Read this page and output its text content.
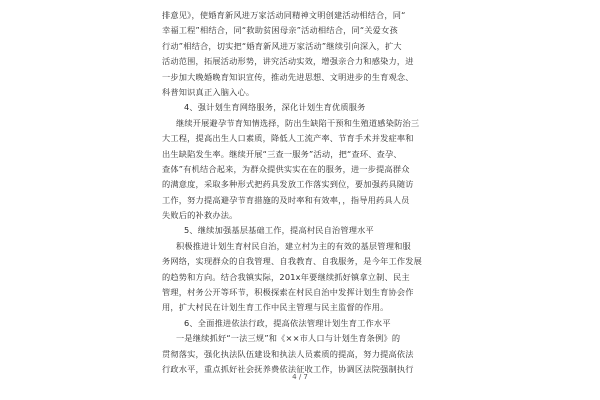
排意见》，使婚育新风进万家活动同精神文明创建活动相结合，同“
幸福工程”相结合，同“救助贫困母亲”活动相结合，同“关爱女孩
行动”相结合，切实把“婚育新风进万家活动”继续引向深入，扩大
活动范围，拓展活动形势，讲究活动实效，增强亲合力和感染力，进
一步加大晚婚晚育知识宣传，推动先进思想、文明进步的生育观念、
科普知识真正入脑入心。
4、强计划生育网络服务，深化计划生育优质服务
继续开展避孕节育知情选择，防出生缺陷干预和生殖道感染防治三
大工程，提高出生人口素质，降低人工流产率、节育手术并发症率和
出生缺陷发生率。继续开展“三查一服务”活动，把“查环、查孕、
查体”有机结合起来，为群众提供实实在在的服务，进一步提高群众
的满意度，采取多种形式把药具发放工作落实到位，要加强药具随访
工作，努力提高避孕节育措施的及时率和有效率，，指导用药具人员
失败后的补救办法。
5、继续加强基层基础工作，提高村民自治管理水平
积极推进计划生育村民自治，建立村为主的有效的基层管理和服
务网络，实现群众的自我管理、自我教育、自我服务，是今年工作发展
的趋势和方向。结合我镇实际，201x年要继续抓好镇拿立制、民主
管理，村务公开等环节，积极探索在村民自治中发挥计划生育协会作
用，扩大村民在计划生育工作中民主管理与民主监督的作用。
6、全面推进依法行政，提高依法管理计划生育工作水平
一是继续抓好“一法三规”和《××市人口与计划生育条例》的
贯彻落实，强化执法队伍建设和执法人员素质的提高，努力提高依法
行政水平，重点抓好社会抚养费依法征收工作，协调区法院强制执行
4 / 7
